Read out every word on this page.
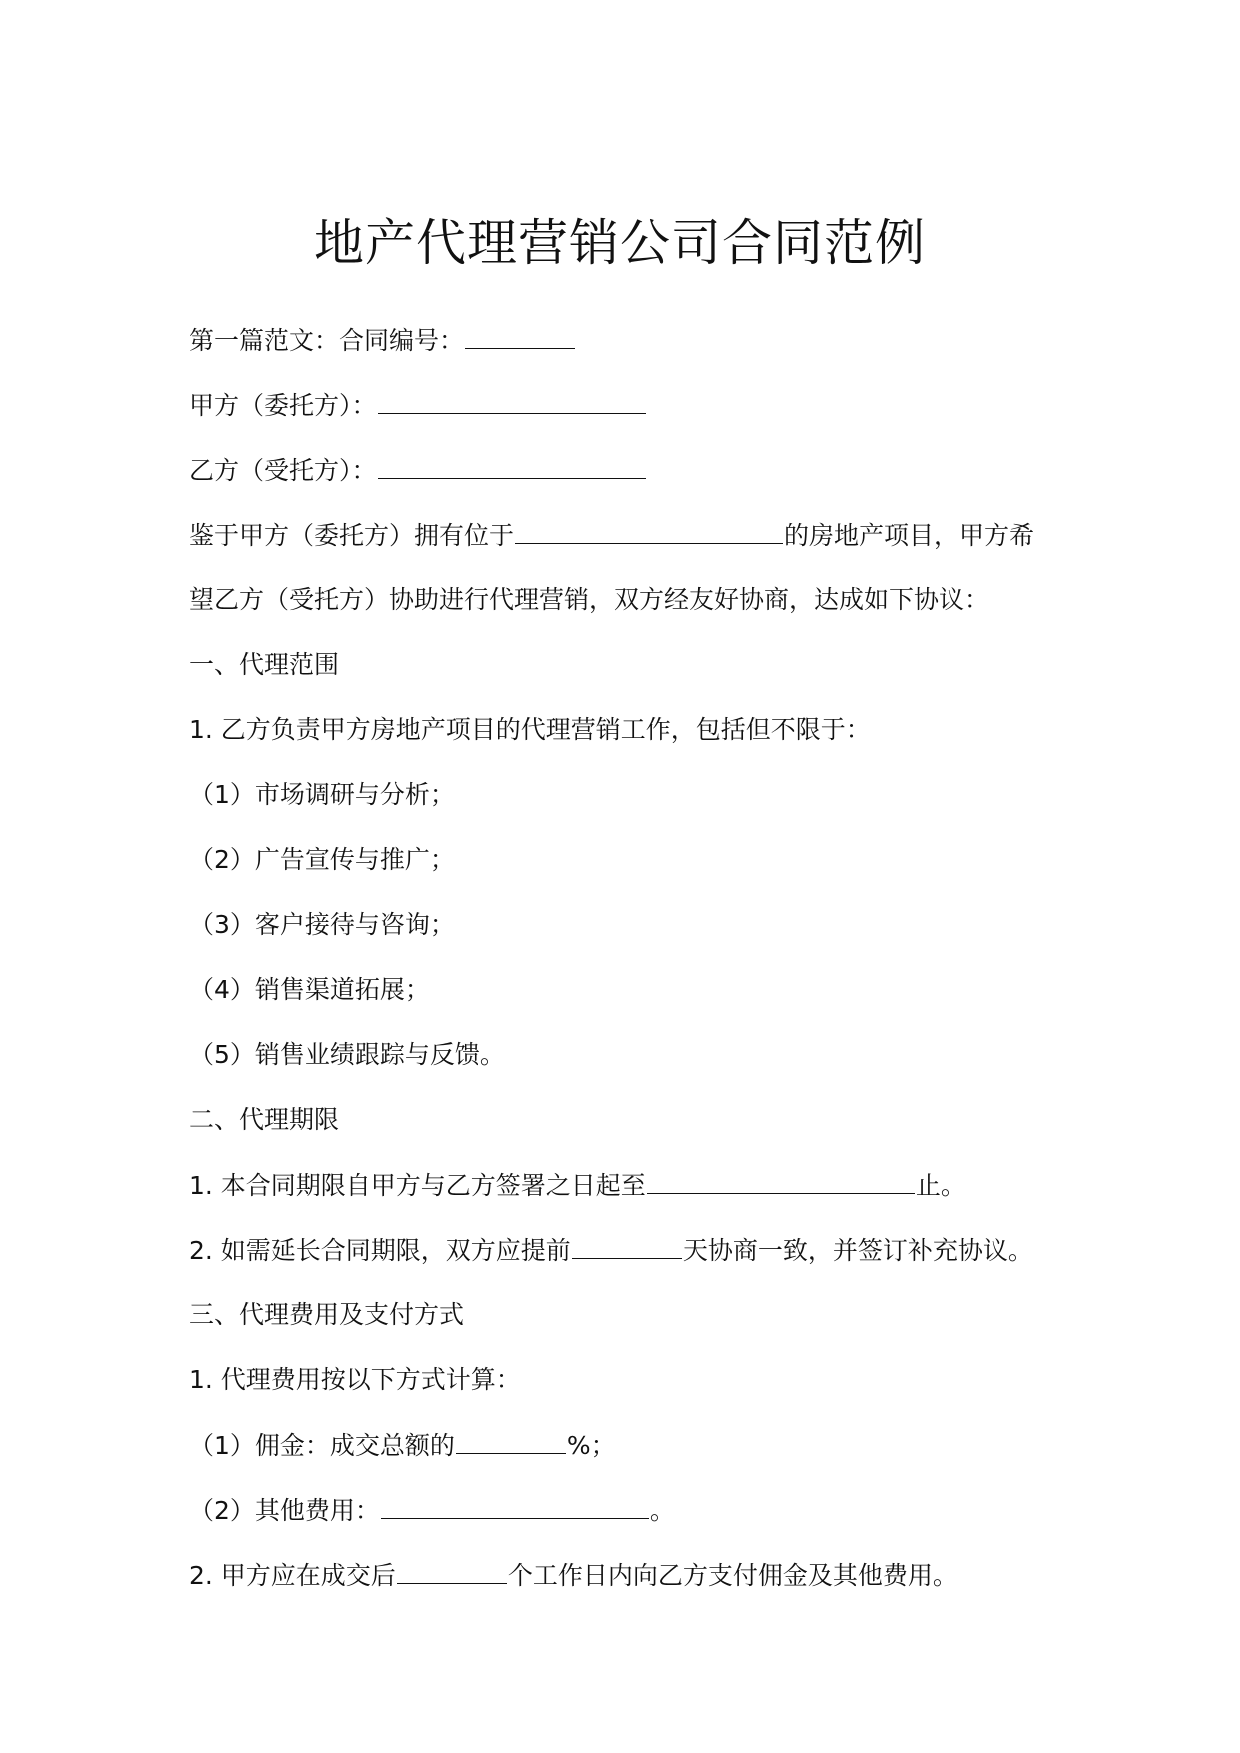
地产代理营销公司合同范例
第一篇范文：合同编号：
甲方（委托方）：
乙方（受托方）：
鉴于甲方（委托方）拥有位于	的房地产项目，甲方希
望乙方（受托方）协助进行代理营销，双方经友好协商，达成如下协议：
一、代理范围
1. 乙方负责甲方房地产项目的代理营销工作，包括但不限于：
（1）市场调研与分析；
（2）广告宣传与推广；
（3）客户接待与咨询；
（4）销售渠道拓展；
（5）销售业绩跟踪与反馈。
二、代理期限
1. 本合同期限自甲方与乙方签署之日起至	止。
2. 如需延长合同期限，双方应提前	天协商一致，并签订补充协议。
三、代理费用及支付方式
1. 代理费用按以下方式计算：
（1）佣金：成交总额的	%；
（2）其他费用：	。
2. 甲方应在成交后	个工作日内向乙方支付佣金及其他费用。
